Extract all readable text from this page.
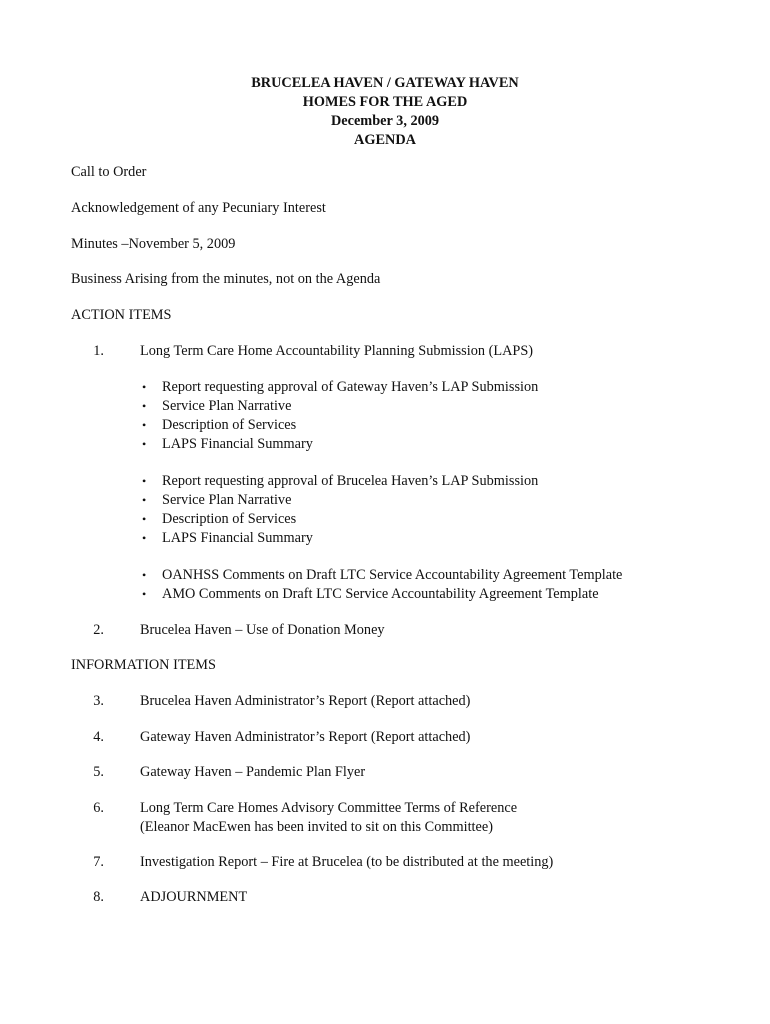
BRUCELEA HAVEN / GATEWAY HAVEN
HOMES FOR THE AGED
December 3, 2009
AGENDA
Call to Order
Acknowledgement of any Pecuniary Interest
Minutes –November 5, 2009
Business Arising from the minutes, not on the Agenda
ACTION ITEMS
1.	Long Term Care Home Accountability Planning Submission (LAPS)
• Report requesting approval of Gateway Haven’s LAP Submission
• Service Plan Narrative
• Description of Services
• LAPS Financial Summary
• Report requesting approval of Brucelea Haven’s LAP Submission
• Service Plan Narrative
• Description of Services
• LAPS Financial Summary
• OANHSS Comments on Draft LTC Service Accountability Agreement Template
• AMO Comments on Draft LTC Service Accountability Agreement Template
2.	Brucelea Haven – Use of Donation Money
INFORMATION ITEMS
3.	Brucelea Haven Administrator’s Report (Report attached)
4.	Gateway Haven Administrator’s Report (Report attached)
5.	Gateway Haven – Pandemic Plan Flyer
6.	Long Term Care Homes Advisory Committee Terms of Reference
(Eleanor MacEwen has been invited to sit on this Committee)
7.	Investigation Report – Fire at Brucelea (to be distributed at the meeting)
8.	ADJOURNMENT
